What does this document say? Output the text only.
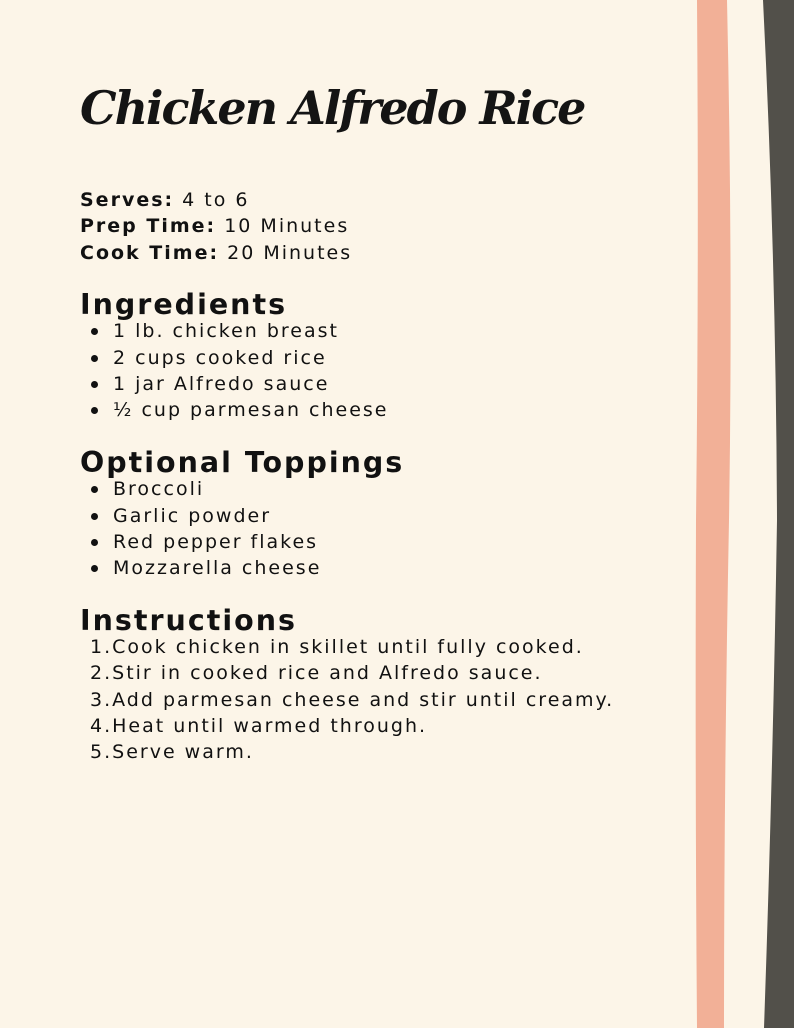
Chicken Alfredo Rice

Serves: 4 to 6

Prep Time: 10 Minutes

Cook Time: 20 Minutes

Ingredients
1 lb. chicken breast
2 cups cooked rice
1 jar Alfredo sauce
½ cup parmesan cheese
Optional Toppings
Broccoli
Garlic powder
Red pepper flakes
Mozzarella cheese
Instructions
1.Cook chicken in skillet until fully cooked.
2.Stir in cooked rice and Alfredo sauce.
3.Add parmesan cheese and stir until creamy.
4.Heat until warmed through.
5.Serve warm.
